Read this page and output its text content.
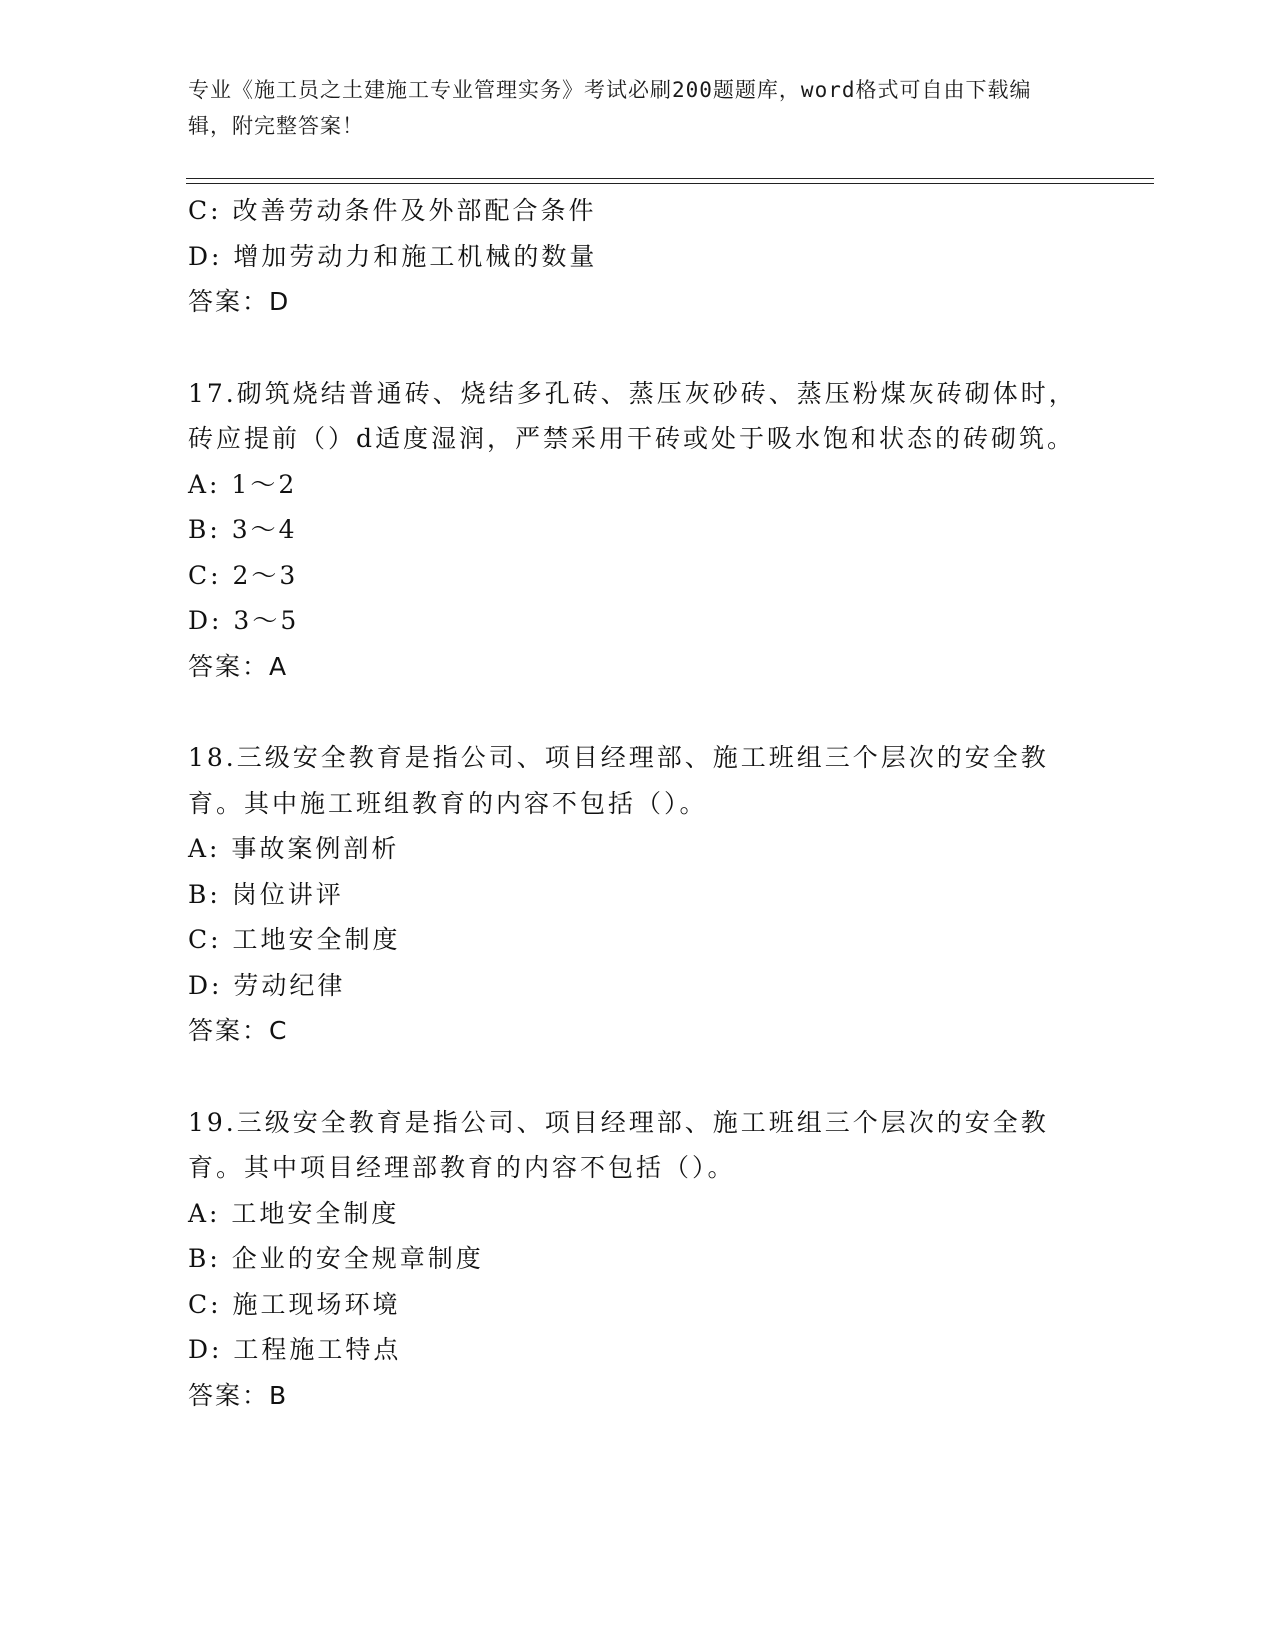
专业《施工员之土建施工专业管理实务》考试必刷200题题库，word格式可自由下载编辑，附完整答案！
C: 改善劳动条件及外部配合条件
D: 增加劳动力和施工机械的数量
答案：D
17.砌筑烧结普通砖、烧结多孔砖、蒸压灰砂砖、蒸压粉煤灰砖砌体时，砖应提前（）d适度湿润，严禁采用干砖或处于吸水饱和状态的砖砌筑。
A: 1～2
B: 3～4
C: 2～3
D: 3～5
答案：A
18.三级安全教育是指公司、项目经理部、施工班组三个层次的安全教育。其中施工班组教育的内容不包括（）。
A: 事故案例剖析
B: 岗位讲评
C: 工地安全制度
D: 劳动纪律
答案：C
19.三级安全教育是指公司、项目经理部、施工班组三个层次的安全教育。其中项目经理部教育的内容不包括（）。
A: 工地安全制度
B: 企业的安全规章制度
C: 施工现场环境
D: 工程施工特点
答案：B
